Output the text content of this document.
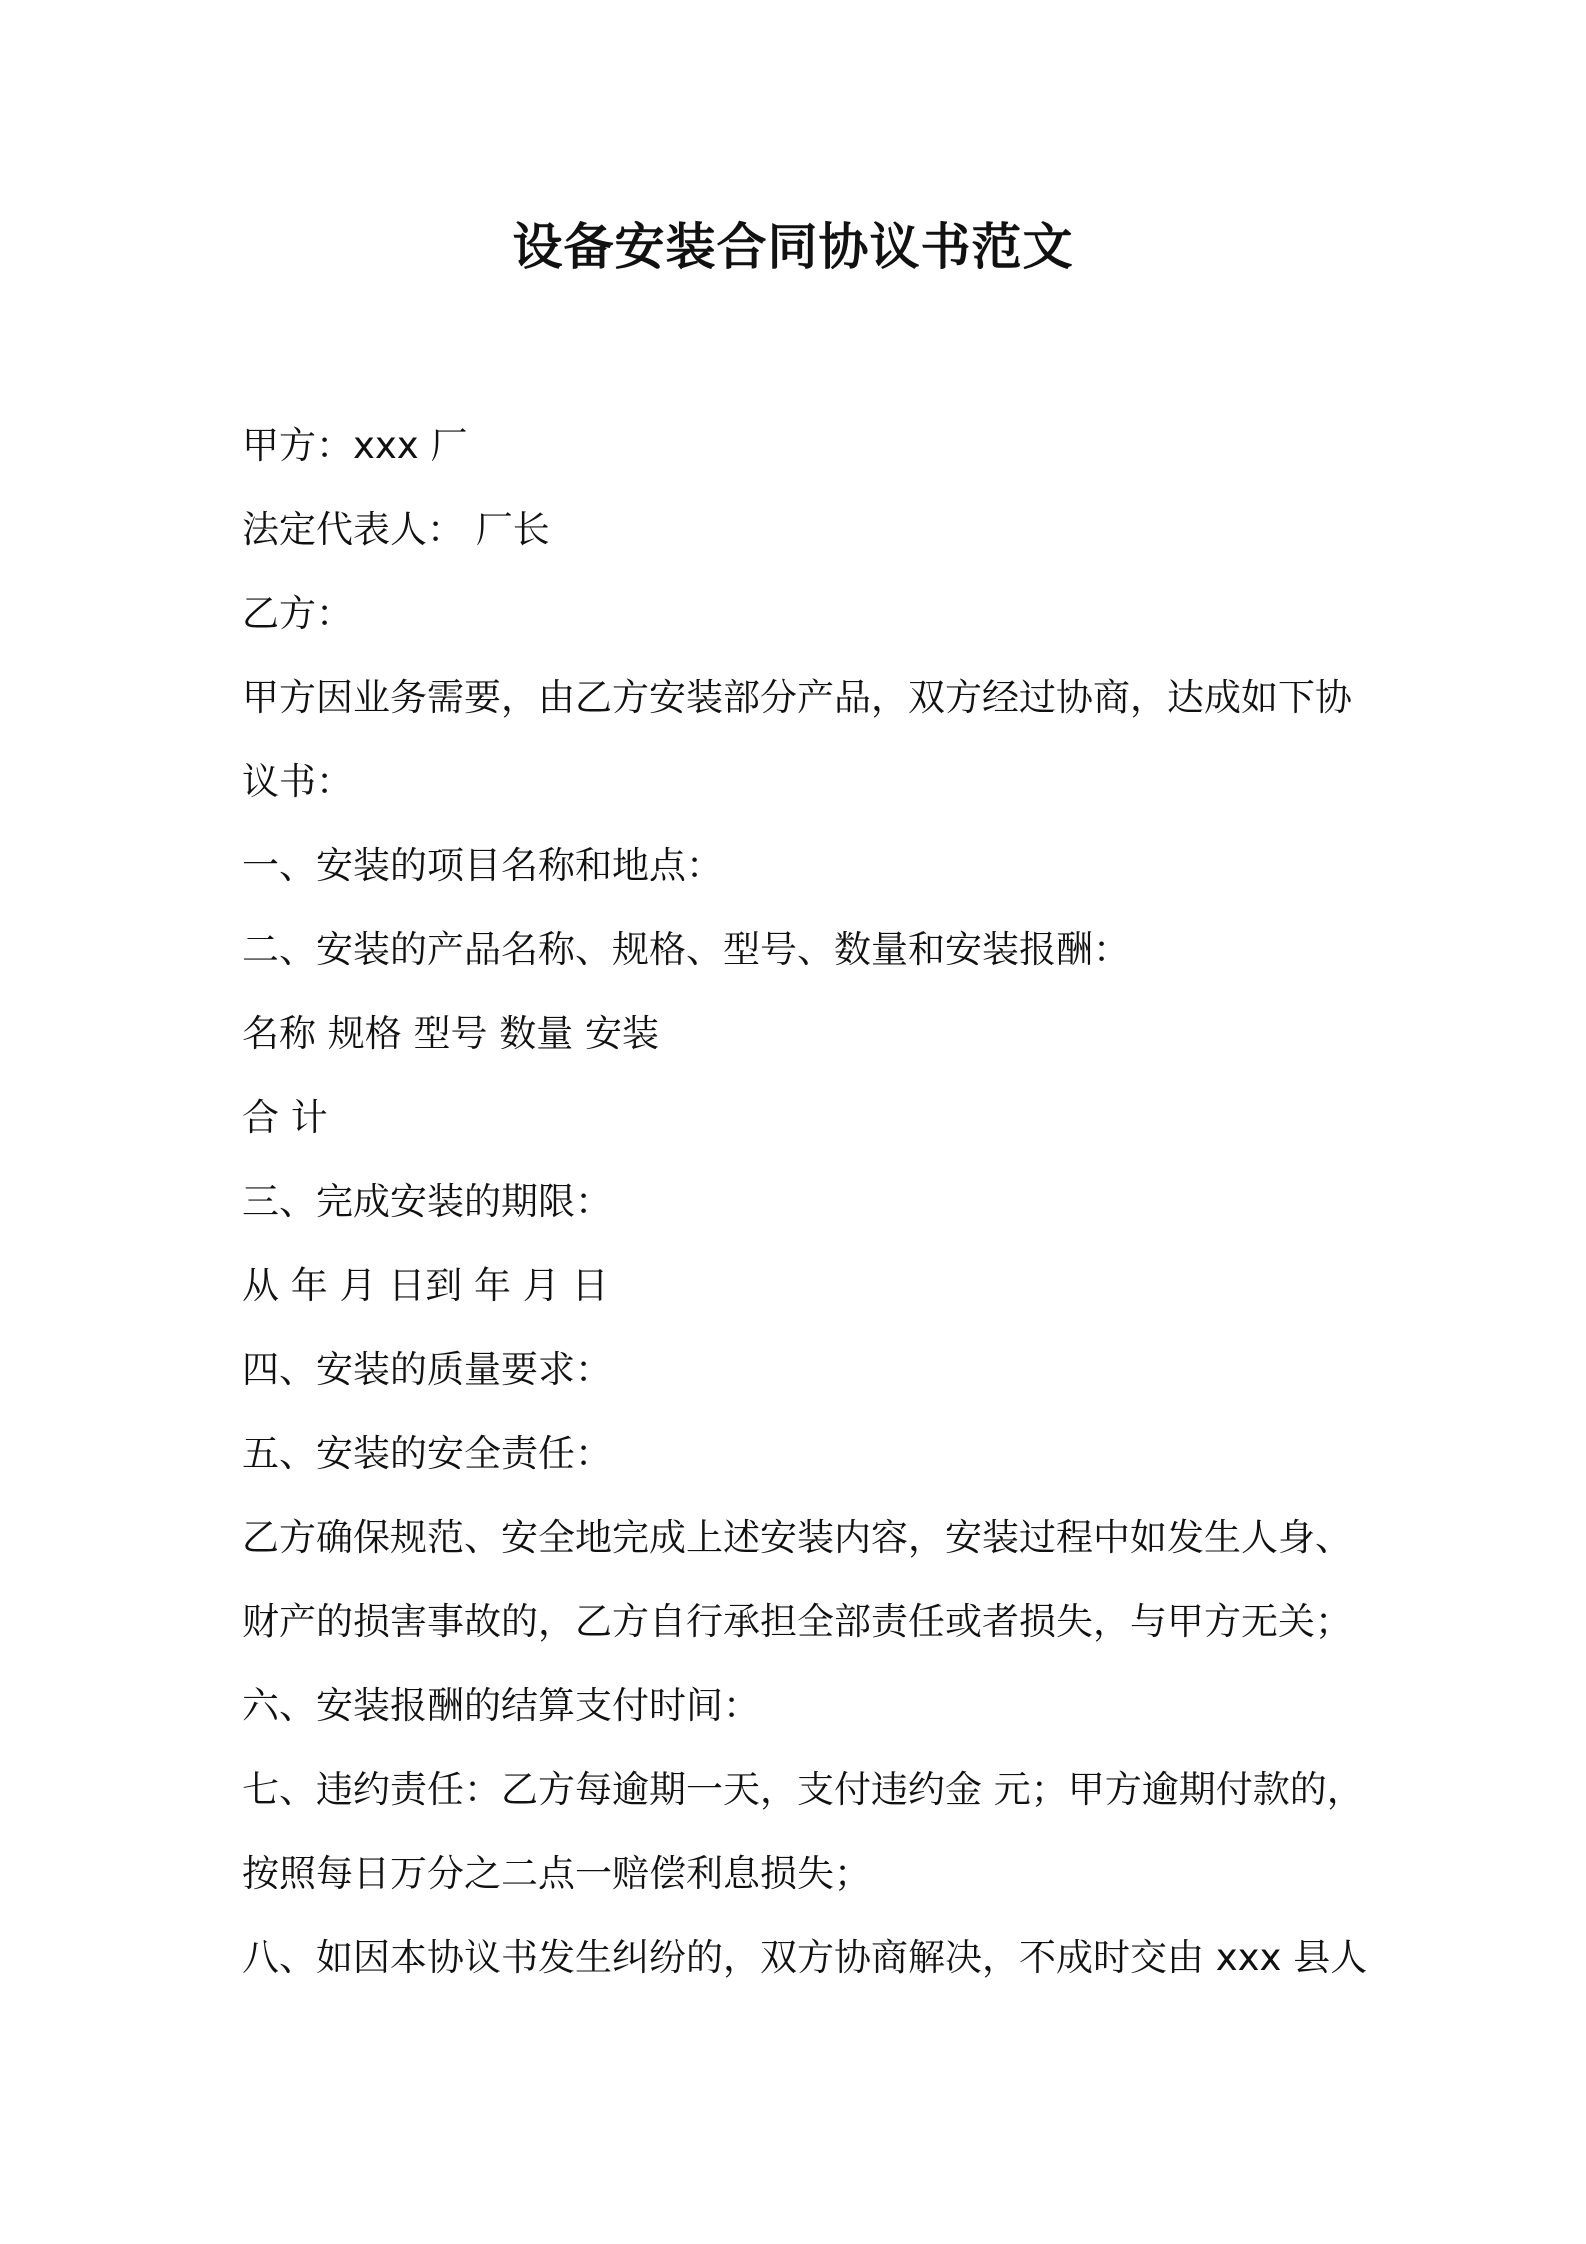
设备安装合同协议书范文
甲方：xxx 厂
法定代表人： 厂长
乙方：
甲方因业务需要，由乙方安装部分产品，双方经过协商，达成如下协
议书：
一、安装的项目名称和地点：
二、安装的产品名称、规格、型号、数量和安装报酬：
名称 规格 型号 数量 安装
合 计
三、完成安装的期限：
从 年 月 日到 年 月 日
四、安装的质量要求：
五、安装的安全责任：
乙方确保规范、安全地完成上述安装内容，安装过程中如发生人身、
财产的损害事故的，乙方自行承担全部责任或者损失，与甲方无关；
六、安装报酬的结算支付时间：
七、违约责任：乙方每逾期一天，支付违约金 元；甲方逾期付款的，
按照每日万分之二点一赔偿利息损失；
八、如因本协议书发生纠纷的，双方协商解决，不成时交由 xxx 县人
